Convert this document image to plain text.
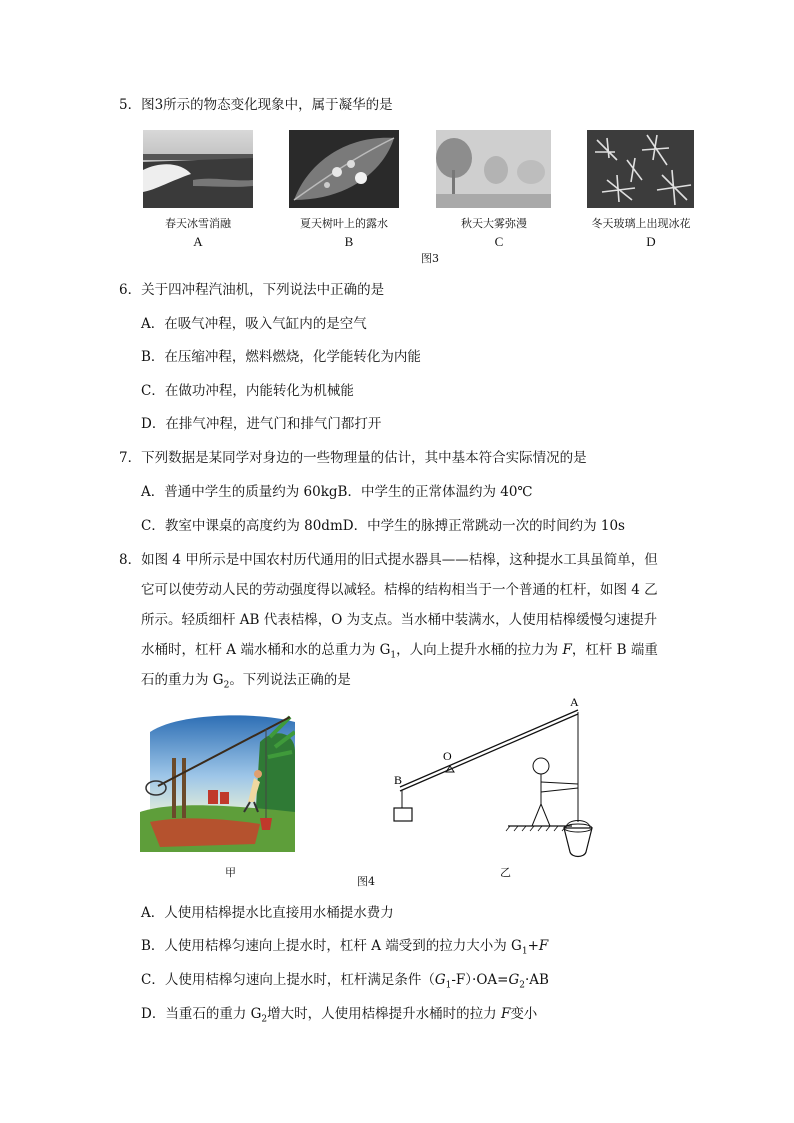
5．图3所示的物态变化现象中，属于凝华的是
春天冰雪消融	夏天树叶上的露水	秋天大雾弥漫	冬天玻璃上出现冰花
A	B	C	D
图3
6．关于四冲程汽油机，下列说法中正确的是
A．在吸气冲程，吸入气缸内的是空气
B．在压缩冲程，燃料燃烧，化学能转化为内能
C．在做功冲程，内能转化为机械能
D．在排气冲程，进气门和排气门都打开
7．下列数据是某同学对身边的一些物理量的估计，其中基本符合实际情况的是
A．普通中学生的质量约为 60kgB．中学生的正常体温约为 40℃
C．教室中课桌的高度约为 80dmD．中学生的脉搏正常跳动一次的时间约为 10s
8．如图 4 甲所示是中国农村历代通用的旧式提水器具——桔槔，这种提水工具虽简单，但
它可以使劳动人民的劳动强度得以减轻。桔槔的结构相当于一个普通的杠杆，如图 4 乙
所示。轻质细杆 AB 代表桔槔，O 为支点。当水桶中装满水，人使用桔槔缓慢匀速提升
水桶时，杠杆 A 端水桶和水的总重力为 $G_1$，人向上提升水桶的拉力为 F，杠杆 B 端重
石的重力为 $G_2$。下列说法正确的是
甲
A
B
O
乙
图4
A．人使用桔槔提水比直接用水桶提水费力
B．人使用桔槔匀速向上提水时，杠杆 A 端受到的拉力大小为 $G_1+F$
C．人使用桔槔匀速向上提水时，杠杆满足条件$(G_1-F)\cdot OA=G_2\cdot AB$
D．当重石的重力 $G_2$增大时，人使用桔槔提升水桶时的拉力 F变小
